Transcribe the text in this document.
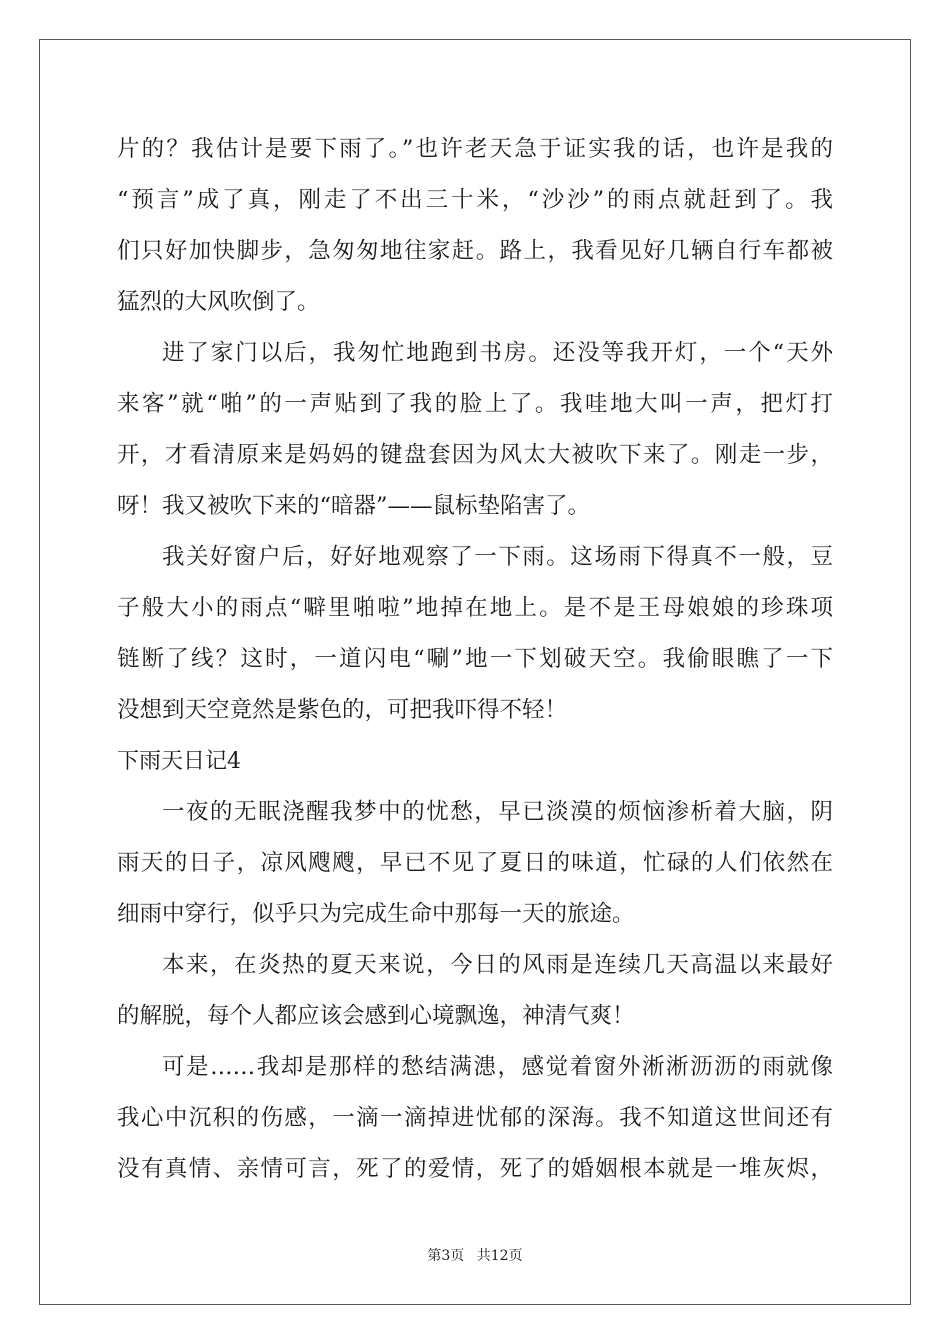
片的？我估计是要下雨了。”也许老天急于证实我的话，也许是我的
“预言”成了真，刚走了不出三十米，“沙沙”的雨点就赶到了。我
们只好加快脚步，急匆匆地往家赶。路上，我看见好几辆自行车都被
猛烈的大风吹倒了。
进了家门以后，我匆忙地跑到书房。还没等我开灯，一个“天外
来客”就“啪”的一声贴到了我的脸上了。我哇地大叫一声，把灯打
开，才看清原来是妈妈的键盘套因为风太大被吹下来了。刚走一步，
呀！我又被吹下来的“暗器”——鼠标垫陷害了。
我关好窗户后，好好地观察了一下雨。这场雨下得真不一般，豆
子般大小的雨点“噼里啪啦”地掉在地上。是不是王母娘娘的珍珠项
链断了线？这时，一道闪电“唰”地一下划破天空。我偷眼瞧了一下
没想到天空竟然是紫色的，可把我吓得不轻！
下雨天日记4
一夜的无眠浇醒我梦中的忧愁，早已淡漠的烦恼渗析着大脑，阴
雨天的日子，凉风飕飕，早已不见了夏日的味道，忙碌的人们依然在
细雨中穿行，似乎只为完成生命中那每一天的旅途。
本来，在炎热的夏天来说，今日的风雨是连续几天高温以来最好
的解脱，每个人都应该会感到心境飘逸，神清气爽！
可是……我却是那样的愁结满漶，感觉着窗外淅淅沥沥的雨就像
我心中沉积的伤感，一滴一滴掉进忧郁的深海。我不知道这世间还有
没有真情、亲情可言，死了的爱情，死了的婚姻根本就是一堆灰烬，
第3页 共12页
